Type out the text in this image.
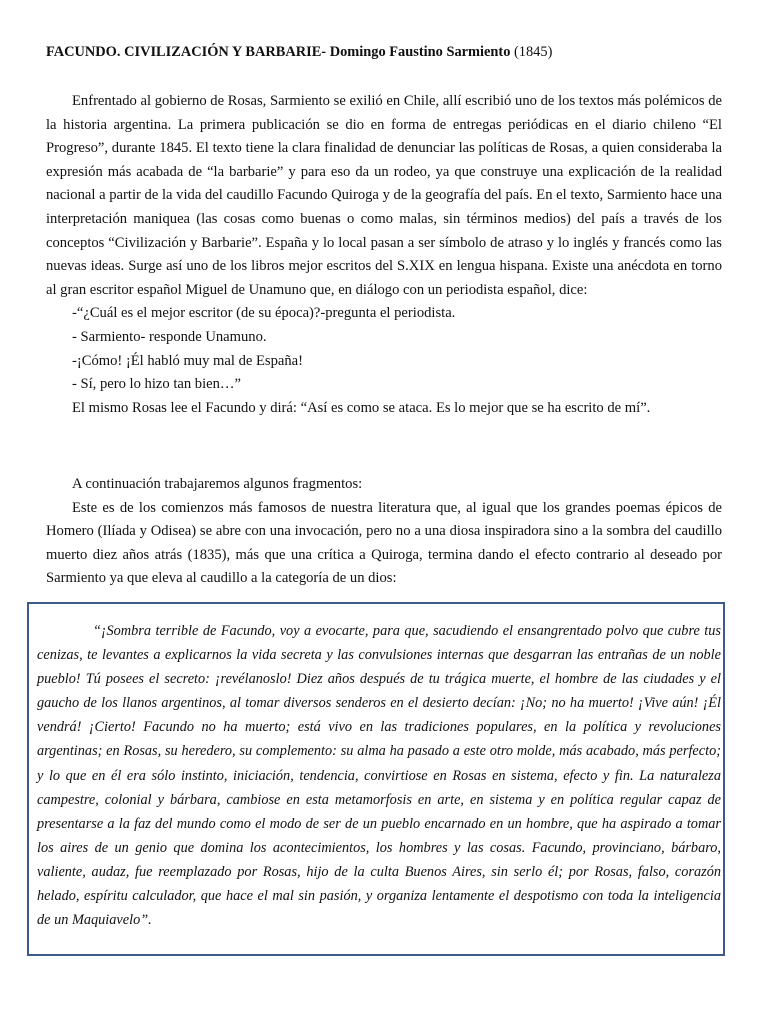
FACUNDO. CIVILIZACIÓN Y BARBARIE- Domingo Faustino Sarmiento (1845)

Enfrentado al gobierno de Rosas, Sarmiento se exilió en Chile, allí escribió uno de los textos más polémicos de la historia argentina. La primera publicación se dio en forma de entregas periódicas en el diario chileno “El Progreso”, durante 1845. El texto tiene la clara finalidad de denunciar las políticas de Rosas, a quien consideraba la expresión más acabada de “la barbarie” y para eso da un rodeo, ya que construye una explicación de la realidad nacional a partir de la vida del caudillo Facundo Quiroga y de la geografía del país. En el texto, Sarmiento hace una interpretación maniquea (las cosas como buenas o como malas, sin términos medios) del país a través de los conceptos “Civilización y Barbarie”. España y lo local pasan a ser símbolo de atraso y lo inglés y francés como las nuevas ideas. Surge así uno de los libros mejor escritos del S.XIX en lengua hispana. Existe una anécdota en torno al gran escritor español Miguel de Unamuno que, en diálogo con un periodista español, dice:

-“¿Cuál es el mejor escritor (de su época)?-pregunta el periodista.

- Sarmiento- responde Unamuno.

-¡Cómo! ¡Él habló muy mal de España!

- Sí, pero lo hizo tan bien…”

El mismo Rosas lee el Facundo y dirá: “Así es como se ataca. Es lo mejor que se ha escrito de mí”.

A continuación trabajaremos algunos fragmentos:

Este es de los comienzos más famosos de nuestra literatura que, al igual que los grandes poemas épicos de Homero (Ilíada y Odisea) se abre con una invocación, pero no a una diosa inspiradora sino a la sombra del caudillo muerto diez años atrás (1835), más que una crítica a Quiroga, termina dando el efecto contrario al deseado por Sarmiento ya que eleva al caudillo a la categoría de un dios:

“¡Sombra terrible de Facundo, voy a evocarte, para que, sacudiendo el ensangrentado polvo que cubre tus cenizas, te levantes a explicarnos la vida secreta y las convulsiones internas que desgarran las entrañas de un noble pueblo! Tú posees el secreto: ¡revélanoslo! Diez años después de tu trágica muerte, el hombre de las ciudades y el gaucho de los llanos argentinos, al tomar diversos senderos en el desierto decían: ¡No; no ha muerto! ¡Vive aún! ¡Él vendrá! ¡Cierto! Facundo no ha muerto; está vivo en las tradiciones populares, en la política y revoluciones argentinas; en Rosas, su heredero, su complemento: su alma ha pasado a este otro molde, más acabado, más perfecto; y lo que en él era sólo instinto, iniciación, tendencia, convirtiose en Rosas en sistema, efecto y fin. La naturaleza campestre, colonial y bárbara, cambiose en esta metamorfosis en arte, en sistema y en política regular capaz de presentarse a la faz del mundo como el modo de ser de un pueblo encarnado en un hombre, que ha aspirado a tomar los aires de un genio que domina los acontecimientos, los hombres y las cosas. Facundo, provinciano, bárbaro, valiente, audaz, fue reemplazado por Rosas, hijo de la culta Buenos Aires, sin serlo él; por Rosas, falso, corazón helado, espíritu calculador, que hace el mal sin pasión, y organiza lentamente el despotismo con toda la inteligencia de un Maquiavelo”.
